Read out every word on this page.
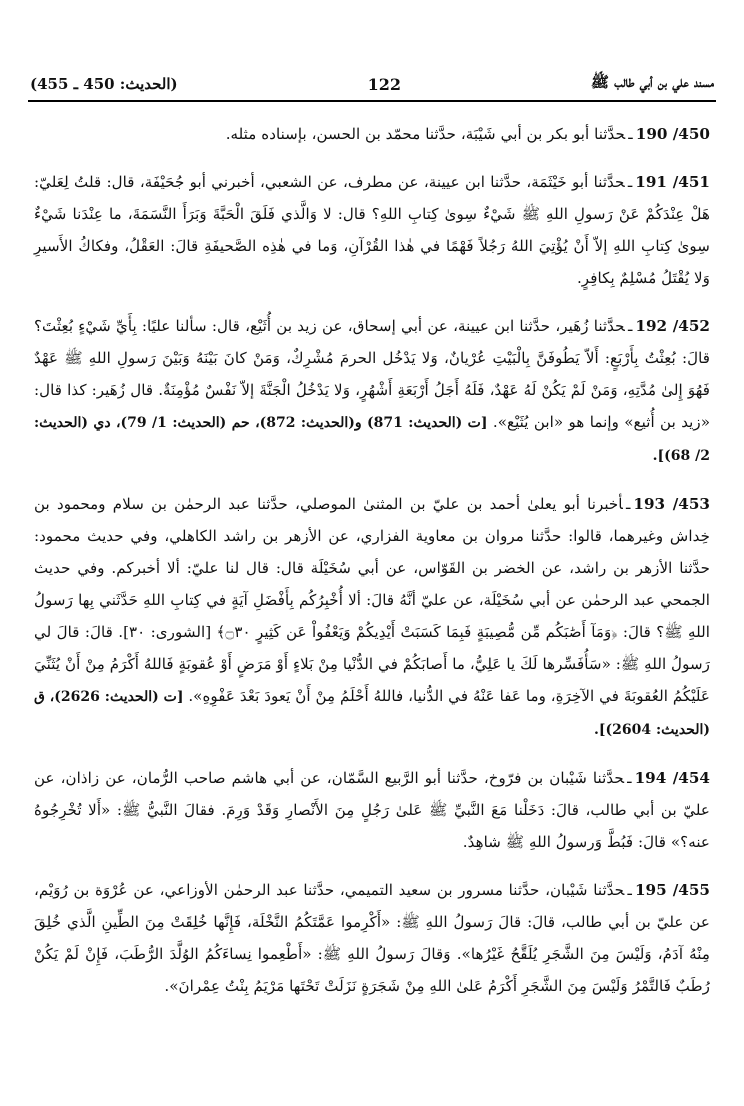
(الحديث: 450 ـ 455)	122	مسند علي بن أبي طالب ﷺ

450/ 190ـحدَّثنا أبو بكر بن أبي شَيْبَة، حدَّثنا محمّد بن الحسن، بإسناده مثله.

451/ 191ـحدَّثنا أبو خَيْثَمَة، حدَّثنا ابن عيينة، عن مطرف، عن الشعبي، أخبرني أبو جُحَيْفَة، قال: قلتُ لِعَليّ: هَلْ عِنْدَكُمْ عَنْ رَسولِ اللهِ ﷺ شَيْءٌ سِوىٰ كِتابِ اللهِ؟ قال: لا وَالَّذي فَلَقَ الْحَبَّةَ وَبَرَأَ النَّسَمَةَ، ما عِنْدَنا شَيْءٌ سِوىٰ كِتابِ اللهِ إلاّ أَنْ يُؤْتِيَ اللهُ رَجُلاً فَهْمًا في هٰذا القُرْآنِ، وَما في هٰذِه الصَّحيفَةِ قالَ: العَقْلُ، وفكاكُ الأَسيرِ وَلا يُقْتَلُ مُسْلِمٌ بِكافِرٍ.

452/ 192ـحدَّثنا زُهَير، حدَّثنا ابن عيينة، عن أبي إسحاق، عن زيد بن أُثَيْع، قال: سألنا عليًا: بِأَيِّ شَيْءٍ بُعِثْتَ؟ قالَ: بُعِثْتُ بِأَرْبَعٍ: أَلاّ يَطُوفَنَّ بِالْبَيْتِ عُرْيانٌ، وَلا يَدْخُل الحرمَ مُشْرِكٌ، وَمَنْ كانَ بَيْنَهُ وَبَيْنَ رَسولِ اللهِ ﷺ عَهْدٌ فَهُوَ إِلىٰ مُدَّتِهِ، وَمَنْ لَمْ يَكُنْ لَهُ عَهْدٌ، فَلَهُ أَجَلُ أَرْبَعَةِ أَشْهُرٍ، وَلا يَدْخُلُ الْجَنَّةَ إلاّ نَفْسٌ مُؤْمِنَةٌ. قال زُهَير: كذا قال: «زيد بن أُثيع» وإنما هو «ابن يُثَيْع». [ت (الحديث: 871) و(الحديث: 872)، حم (الحديث: 1/ 79)، دي (الحديث: 2/ 68)].

453/ 193ـأخبرنا أبو يعلىٰ أحمد بن عليّ بن المثنىٰ الموصلي، حدَّثنا عبد الرحمٰن بن سلام ومحمود بن خِداش وغيرهما، قالوا: حدَّثنا مروان بن معاوية الفزاري، عن الأزهر بن راشد الكاهلي، وفي حديث محمود: حدَّثنا الأزهر بن راشد، عن الخضر بن القَوّاس، عن أبي سُخَيْلَة قال: قال لنا عليّ: ألا أخبركم. وفي حديث الجمحي عبد الرحمٰن عن أبي سُخَيْلَة، عن عليّ أنَّهُ قالَ: ألا أُخْبِرُكُم بِأَفْضَلِ آيَةٍ في كِتابِ اللهِ حَدَّثَني بِها رَسولُ اللهِ ﷺ؟ قالَ: ﴿وَمَآ أَصَٰبَكُم مِّن مُّصِيبَةٍ فَبِمَا كَسَبَتْ أَيْدِيكُمْ وَيَعْفُواْ عَن كَثِيرٍ ۝٣٠﴾ [الشورى: ٣٠]. قالَ: قالَ لي رَسولُ اللهِ ﷺ: «سَأُفَسِّرها لَكَ يا عَلِيُّ، ما أَصابَكُمْ في الدُّنْيا مِنْ بَلاءٍ أَوْ مَرَضٍ أَوْ عُقوبَةٍ فَاللهُ أَكْرَمُ مِنْ أَنْ يُثَنِّيَ عَلَيْكُمُ العُقوبَةَ في الآخِرَةِ، وما عَفا عَنْهُ في الدُّنيا، فاللهُ أَحْلَمُ مِنْ أَنْ يَعودَ بَعْدَ عَفْوِهِ». [ت (الحديث: 2626)، ق (الحديث: 2604)].

454/ 194ـحدَّثنا شَيْبان بن فرّوخ، حدَّثنا أبو الرَّبيع السَّمّان، عن أبي هاشم صاحب الرُّمان، عن زاذان، عن عليّ بن أبي طالب، قالَ: دَخَلْنا مَعَ النَّبيِّ ﷺ عَلىٰ رَجُلٍ مِنَ الأَنْصارِ وَقَدْ وَرِمَ. فقالَ النَّبيُّ ﷺ: «أَلا تُخْرِجُوهُ عنه؟» قالَ: فَبُطَّ وَرسولُ اللهِ ﷺ شاهِدٌ.

455/ 195ـحدَّثنا شَيْبان، حدَّثنا مسرور بن سعيد التميمي، حدَّثنا عبد الرحمٰن الأوزاعي، عن عُرْوَة بن رُوَيْم، عن عليّ بن أبي طالب، قالَ: قالَ رَسولُ اللهِ ﷺ: «أَكْرِموا عَمَّتَكُمُ النَّخْلَة، فَإِنَّها خُلِقَتْ مِنَ الطِّينِ الَّذي خُلِقَ مِنْهُ آدَمُ، وَلَيْسَ مِنَ الشَّجَرِ يُلَقَّحُ غَيْرُها». وَقالَ رَسولُ اللهِ ﷺ: «أَطْعِموا نِساءَكُمُ الوُلَّدَ الرُّطَبَ، فَإِنْ لَمْ يَكُنْ رُطَبٌ فَالتَّمْرُ وَلَيْسَ مِنَ الشَّجَرِ أَكْرَمُ عَلىٰ اللهِ مِنْ شَجَرَةٍ نَزَلَتْ تَحْتَها مَرْيَمُ بِنْتُ عِمْرانَ».
